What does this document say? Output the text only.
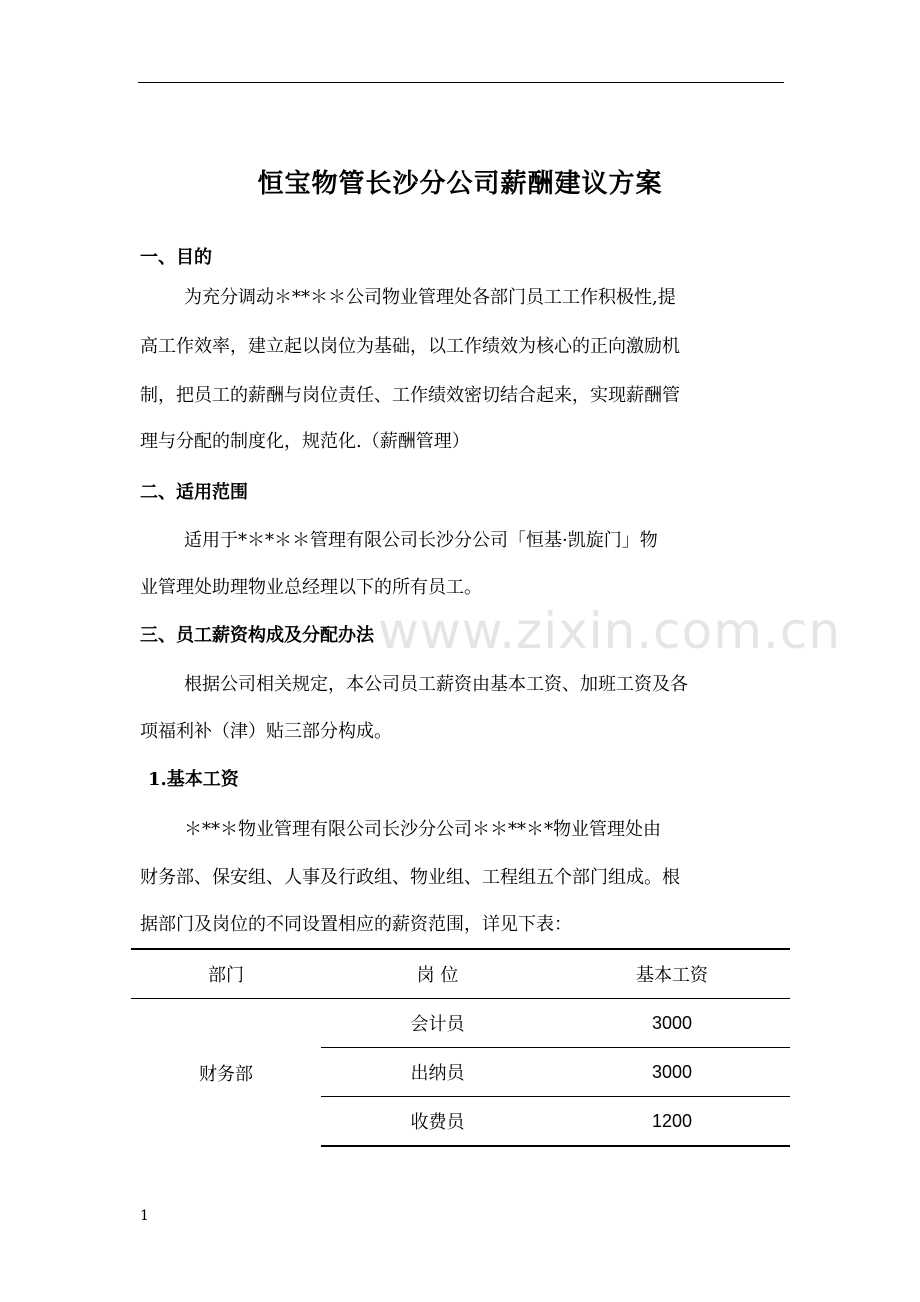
恒宝物管长沙分公司薪酬建议方案
一、目的
为充分调动＊**＊＊公司物业管理处各部门员工工作积极性,提
高工作效率，建立起以岗位为基础，以工作绩效为核心的正向激励机
制，把员工的薪酬与岗位责任、工作绩效密切结合起来，实现薪酬管
理与分配的制度化，规范化.（薪酬管理）
二、适用范围
适用于*＊*＊＊管理有限公司长沙分公司「恒基·凯旋门」物
业管理处助理物业总经理以下的所有员工。
www.zixin.com.cn
三、员工薪资构成及分配办法
根据公司相关规定，本公司员工薪资由基本工资、加班工资及各
项福利补（津）贴三部分构成。
1.基本工资
＊**＊物业管理有限公司长沙分公司＊＊**＊*物业管理处由
财务部、保安组、人事及行政组、物业组、工程组五个部门组成。根
据部门及岗位的不同设置相应的薪资范围，详见下表：
部门	岗 位	基本工资
财务部	会计员	3000
	出纳员	3000
	收费员	1200
1
